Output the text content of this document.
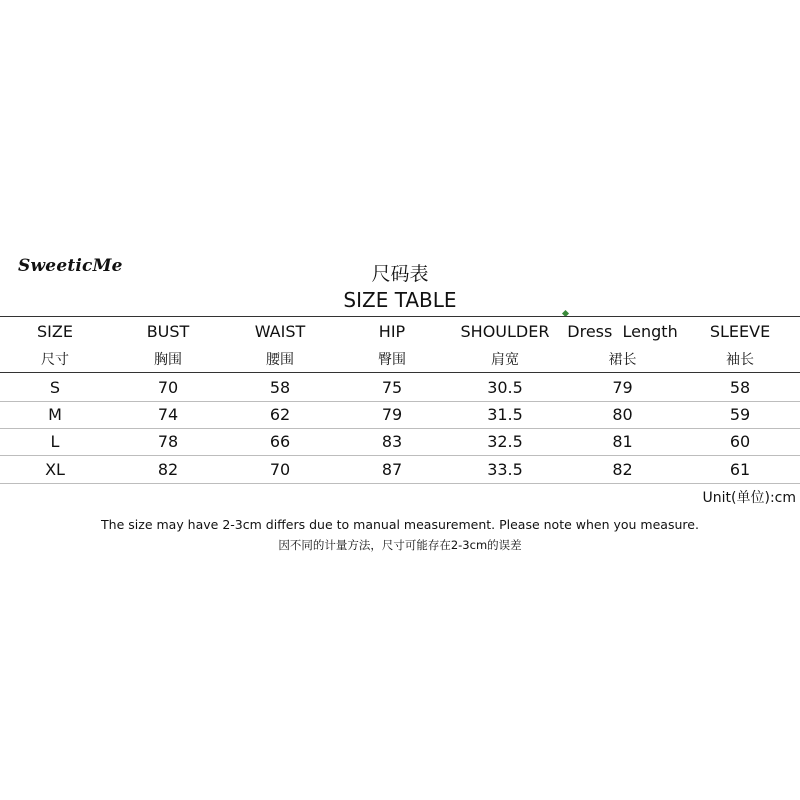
SweeticMe	尺码表
SIZE TABLE
SIZE	BUST	WAIST	HIP	SHOULDER	Dress  Length	SLEEVE
尺寸	胸围	腰围	臀围	肩宽	裙长	袖长
S	70	58	75	30.5	79	58
M	74	62	79	31.5	80	59
L	78	66	83	32.5	81	60
XL	82	70	87	33.5	82	61
Unit(单位):cm
The size may have 2-3cm differs due to manual measurement. Please note when you measure.
因不同的计量方法，尺寸可能存在2-3cm的误差
